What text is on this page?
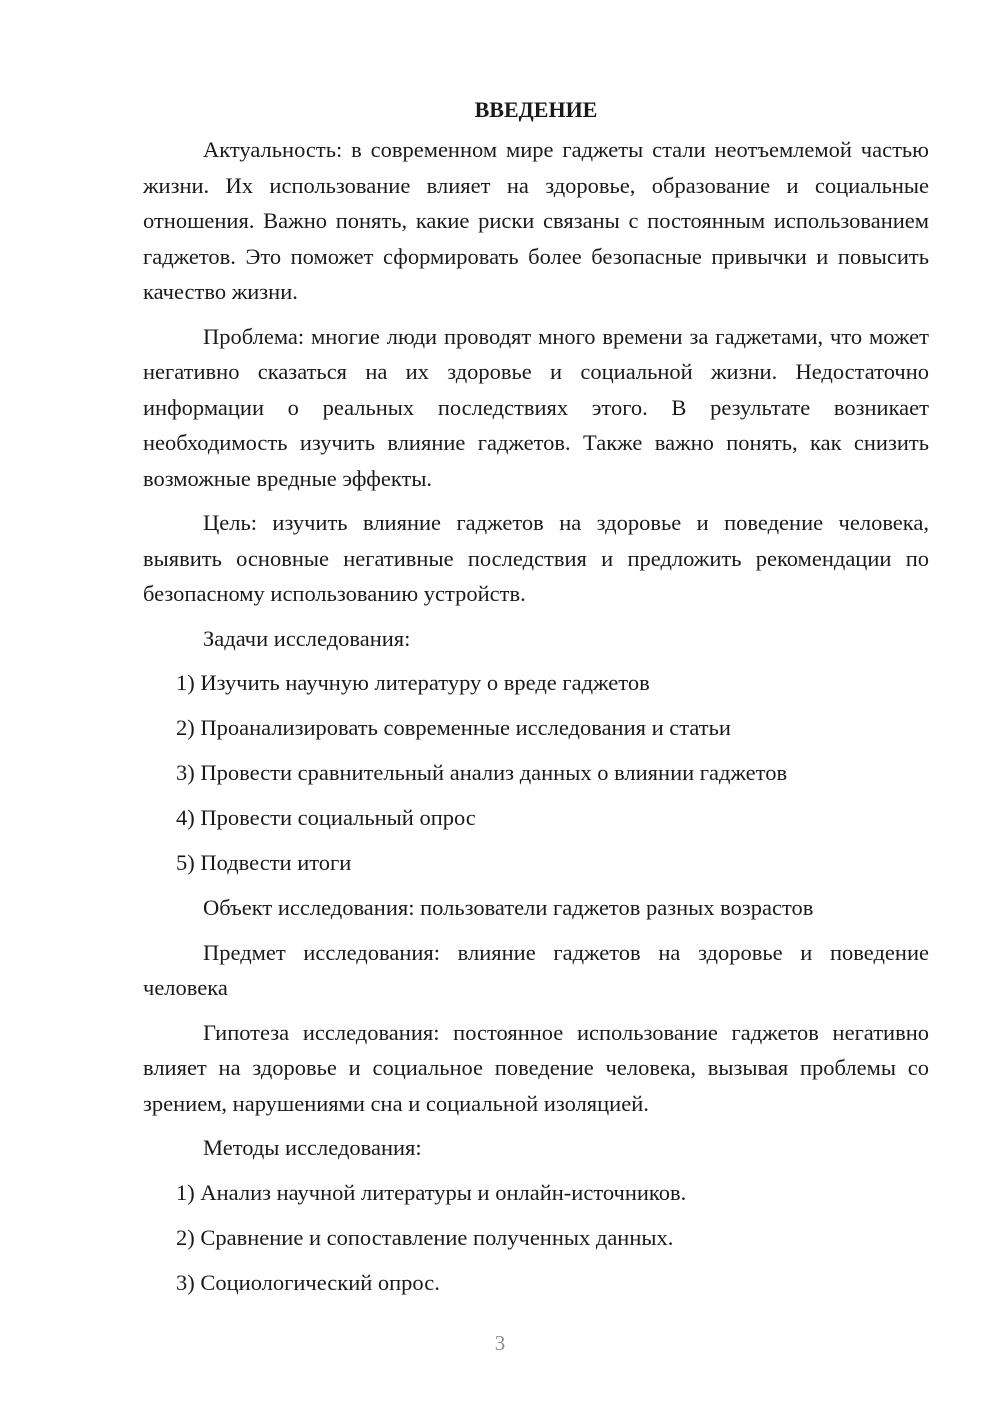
ВВЕДЕНИЕ

Актуальность: в современном мире гаджеты стали неотъемлемой частью жизни. Их использование влияет на здоровье, образование и социальные отношения. Важно понять, какие риски связаны с постоянным использованием гаджетов. Это поможет сформировать более безопасные привычки и повысить качество жизни.

Проблема: многие люди проводят много времени за гаджетами, что может негативно сказаться на их здоровье и социальной жизни. Недостаточно информации о реальных последствиях этого. В результате возникает необходимость изучить влияние гаджетов. Также важно понять, как снизить возможные вредные эффекты.

Цель: изучить влияние гаджетов на здоровье и поведение человека, выявить основные негативные последствия и предложить рекомендации по безопасному использованию устройств.

Задачи исследования:

1) Изучить научную литературу о вреде гаджетов

2) Проанализировать современные исследования и статьи

3) Провести сравнительный анализ данных о влиянии гаджетов

4) Провести социальный опрос

5) Подвести итоги

Объект исследования: пользователи гаджетов разных возрастов

Предмет исследования: влияние гаджетов на здоровье и поведение человека

Гипотеза исследования: постоянное использование гаджетов негативно влияет на здоровье и социальное поведение человека, вызывая проблемы со зрением, нарушениями сна и социальной изоляцией.

Методы исследования:

1) Анализ научной литературы и онлайн-источников.

2) Сравнение и сопоставление полученных данных.

3) Социологический опрос.

3
